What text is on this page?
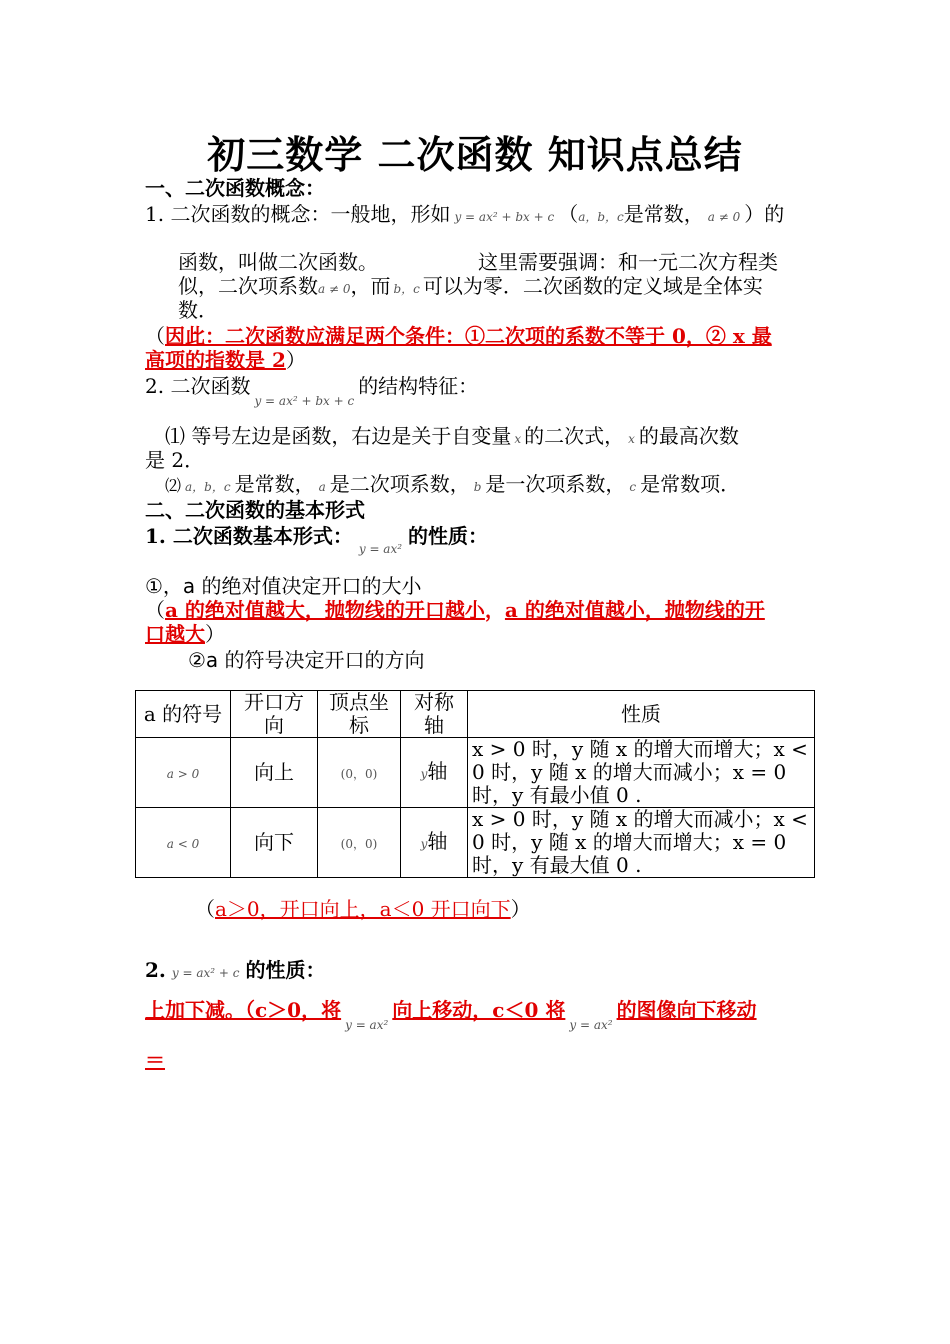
初三数学 二次函数 知识点总结
一、二次函数概念：
1. 二次函数的概念：一般地，形如 y = ax² + bx + c （a，b，c是常数， a ≠ 0 ）的
函数，叫做二次函数。	这里需要强调：和一元二次方程类
似，二次项系数a ≠ 0，而 b，c 可以为零．二次函数的定义域是全体实
数．
（因此：二次函数应满足两个条件：①二次项的系数不等于 0，② x 最
高项的指数是 2）
2. 二次函数$_{y = ax^2 + bx + c}$的结构特征：
⑴ 等号左边是函数，右边是关于自变量 x 的二次式， x 的最高次数
是 2．
⑵ a，b，c 是常数， a 是二次项系数， b 是一次项系数， c 是常数项．
二、二次函数的基本形式
1. 二次函数基本形式：$_{y = ax^2}$的性质：
①，a 的绝对值决定开口的大小
（a 的绝对值越大，抛物线的开口越小，a 的绝对值越小，抛物线的开
口越大）
②a 的符号决定开口的方向
a 的符号	开口方向	顶点坐标	对称轴	性质
a > 0	向上	(0，0)	y轴	x > 0 时，y 随 x 的增大而增大；x < 0 时，y 随 x 的增大而减小；x = 0 时，y 有最小值 0 .
a < 0	向下	(0，0)	y轴	x > 0 时，y 随 x 的增大而减小；x < 0 时，y 随 x 的增大而增大；x = 0 时，y 有最大值 0 .
（a＞0，开口向上，a＜0 开口向下）
2. y = ax² + c 的性质：
上加下减。（c＞0，将$_{y = ax^2}$向上移动，c＜0 将$_{y = ax^2}$的图像向下移动
＝
